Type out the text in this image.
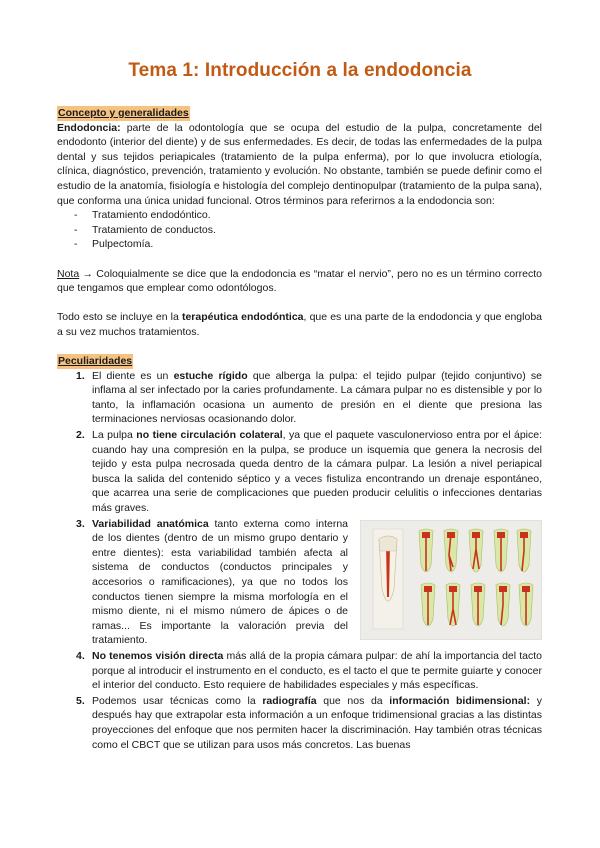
Tema 1: Introducción a la endodoncia
Concepto y generalidades

Endodoncia: parte de la odontología que se ocupa del estudio de la pulpa, concretamente del endodonto (interior del diente) y de sus enfermedades. Es decir, de todas las enfermedades de la pulpa dental y sus tejidos periapicales (tratamiento de la pulpa enferma), por lo que involucra etiología, clínica, diagnóstico, prevención, tratamiento y evolución. No obstante, también se puede definir como el estudio de la anatomía, fisiología e histología del complejo dentinopulpar (tratamiento de la pulpa sana), que conforma una única unidad funcional. Otros términos para referirnos a la endodoncia son:

- Tratamiento endodóntico.
- Tratamiento de conductos.
- Pulpectomía.

Nota → Coloquialmente se dice que la endodoncia es “matar el nervio”, pero no es un término correcto que tengamos que emplear como odontólogos.

Todo esto se incluye en la terapéutica endodóntica, que es una parte de la endodoncia y que engloba a su vez muchos tratamientos.

Peculiaridades
1. El diente es un estuche rígido que alberga la pulpa: el tejido pulpar (tejido conjuntivo) se inflama al ser infectado por la caries profundamente. La cámara pulpar no es distensible y por lo tanto, la inflamación ocasiona un aumento de presión en el diente que presiona las terminaciones nerviosas ocasionando dolor.
2. La pulpa no tiene circulación colateral, ya que el paquete vasculonervioso entra por el ápice: cuando hay una compresión en la pulpa, se produce un isquemia que genera la necrosis del tejido y esta pulpa necrosada queda dentro de la cámara pulpar. La lesión a nivel periapical busca la salida del contenido séptico y a veces fistuliza encontrando un drenaje espontáneo, que acarrea una serie de complicaciones que pueden producir celulitis o infecciones dentarias más graves.
3. Variabilidad anatómica tanto externa como interna de los dientes (dentro de un mismo grupo dentario y entre dientes): esta variabilidad también afecta al sistema de conductos (conductos principales y accesorios o ramificaciones), ya que no todos los conductos tienen siempre la misma morfología en el mismo diente, ni el mismo número de ápices o de ramas... Es importante la valoración previa del tratamiento.
4. No tenemos visión directa más allá de la propia cámara pulpar: de ahí la importancia del tacto porque al introducir el instrumento en el conducto, es el tacto el que te permite guiarte y conocer el interior del conducto. Esto requiere de habilidades especiales y más específicas.
5. Podemos usar técnicas como la radiografía que nos da información bidimensional: y después hay que extrapolar esta información a un enfoque tridimensional gracias a las distintas proyecciones del enfoque que nos permiten hacer la discriminación. Hay también otras técnicas como el CBCT que se utilizan para usos más concretos. Las buenas
